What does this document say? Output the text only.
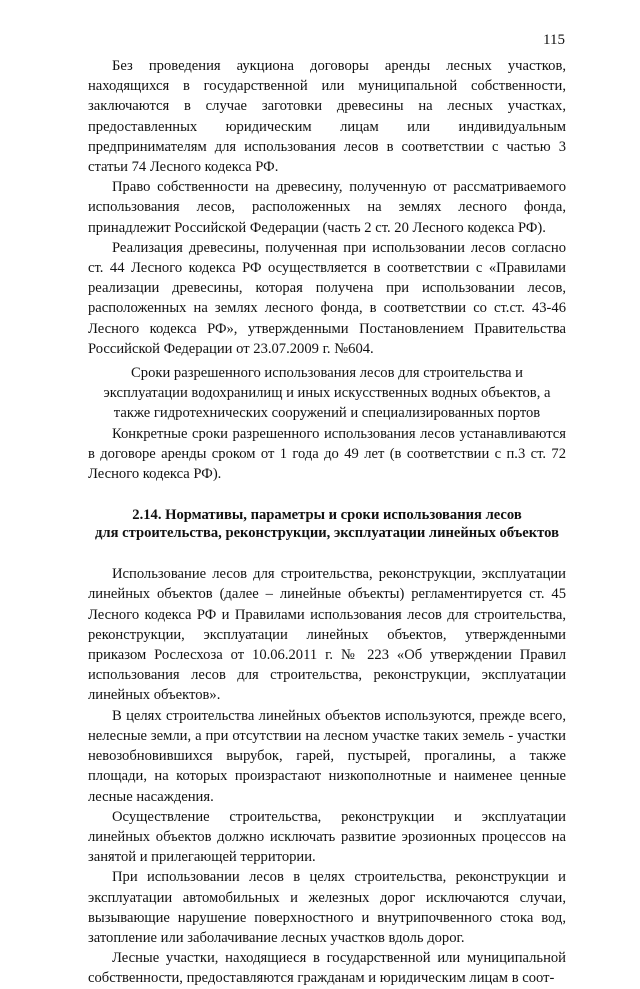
115

Без проведения аукциона договоры аренды лесных участков, находящихся в государственной или муниципальной собственности, заключаются в случае заготовки древесины на лесных участках, предоставленных юридическим лицам или индивидуальным предпринимателям для использования лесов в соответствии с частью 3 статьи 74 Лесного кодекса РФ.

Право собственности на древесину, полученную от рассматриваемого использования лесов, расположенных на землях лесного фонда, принадлежит Российской Федерации (часть 2 ст. 20 Лесного кодекса РФ).

Реализация древесины, полученная при использовании лесов согласно ст. 44 Лесного кодекса РФ осуществляется в соответствии с «Правилами реализации древесины, которая получена при использовании лесов, расположенных на землях лесного фонда, в соответствии со ст.ст. 43-46 Лесного кодекса РФ», утвержденными Постановлением Правительства Российской Федерации от 23.07.2009 г. №604.

Сроки разрешенного использования лесов для строительства и эксплуатации водохранилищ и иных искусственных водных объектов, а также гидротехнических сооружений и специализированных портов

Конкретные сроки разрешенного использования лесов устанавливаются в договоре аренды сроком от 1 года до 49 лет (в соответствии с п.3 ст. 72 Лесного кодекса РФ).

2.14. Нормативы, параметры и сроки использования лесов
для строительства, реконструкции, эксплуатации линейных объектов

Использование лесов для строительства, реконструкции, эксплуатации линейных объектов (далее – линейные объекты) регламентируется ст. 45 Лесного кодекса РФ и Правилами использования лесов для строительства, реконструкции, эксплуатации линейных объектов, утвержденными приказом Рослесхоза от 10.06.2011 г. № 223 «Об утверждении Правил использования лесов для строительства, реконструкции, эксплуатации линейных объектов».

В целях строительства линейных объектов используются, прежде всего, нелесные земли, а при отсутствии на лесном участке таких земель - участки невозобновившихся вырубок, гарей, пустырей, прогалины, а также площади, на которых произрастают низкополнотные и наименее ценные лесные насаждения.

Осуществление строительства, реконструкции и эксплуатации линейных объектов должно исключать развитие эрозионных процессов на занятой и прилегающей территории.

При использовании лесов в целях строительства, реконструкции и эксплуатации автомобильных и железных дорог исключаются случаи, вызывающие нарушение поверхностного и внутрипочвенного стока вод, затопление или заболачивание лесных участков вдоль дорог.

Лесные участки, находящиеся в государственной или муниципальной собственности, предоставляются гражданам и юридическим лицам в соот-
